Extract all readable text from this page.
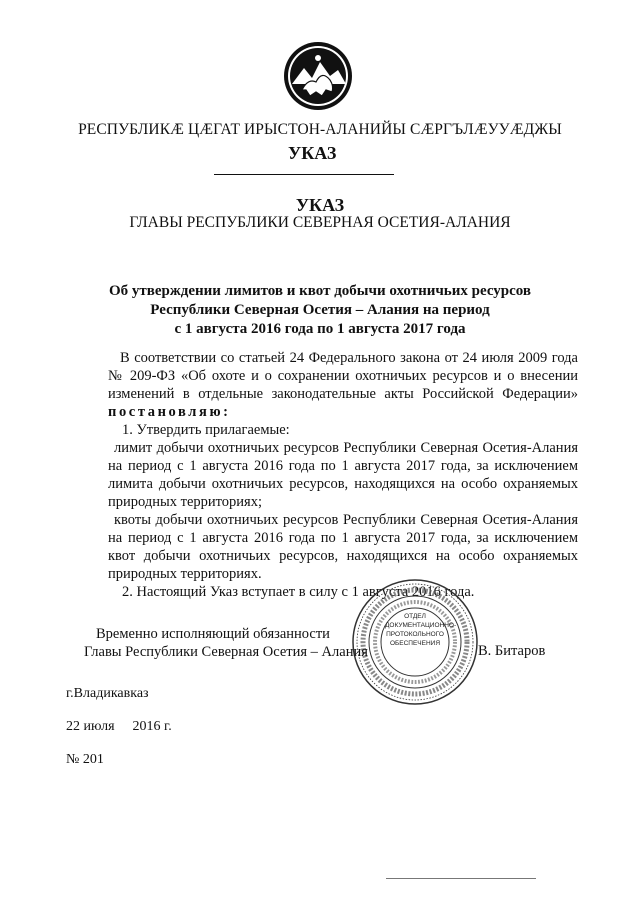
РЕСПУБЛИКӔ ЦӔГАТ ИРЫСТОН-АЛАНИЙЫ СӔРГЪЛӔУУӔДЖЫ
УКАЗ
УКАЗ
ГЛАВЫ РЕСПУБЛИКИ СЕВЕРНАЯ ОСЕТИЯ-АЛАНИЯ
Об утверждении лимитов и квот добычи охотничьих ресурсов
Республики Северная Осетия – Алания на период
с 1 августа 2016 года по 1 августа 2017 года

В соответствии со статьей 24 Федерального закона от 24 июля 2009 года № 209-ФЗ «Об охоте и о сохранении охотничьих ресурсов и о внесении изменений в отдельные законодательные акты Российской Федерации» постановляю:

1. Утвердить прилагаемые:

лимит добычи охотничьих ресурсов Республики Северная Осетия-Алания на период с 1 августа 2016 года по 1 августа 2017 года, за исключением лимита добычи охотничьих ресурсов, находящихся на особо охраняемых природных территориях;

квоты добычи охотничьих ресурсов Республики Северная Осетия-Алания на период с 1 августа 2016 года по 1 августа 2017 года, за исключением квот добычи охотничьих ресурсов, находящихся на особо охраняемых природных территориях.

2. Настоящий Указ вступает в силу с 1 августа 2016 года.

ОТДЕЛ
ДОКУМЕНТАЦИОННО-
ПРОТОКОЛЬНОГО
ОБЕСПЕЧЕНИЯ
Временно исполняющий обязанности
Главы Республики Северная Осетия – Алания	В. Битаров
г.Владикавказ
22 июля 2016 г.
№ 201
